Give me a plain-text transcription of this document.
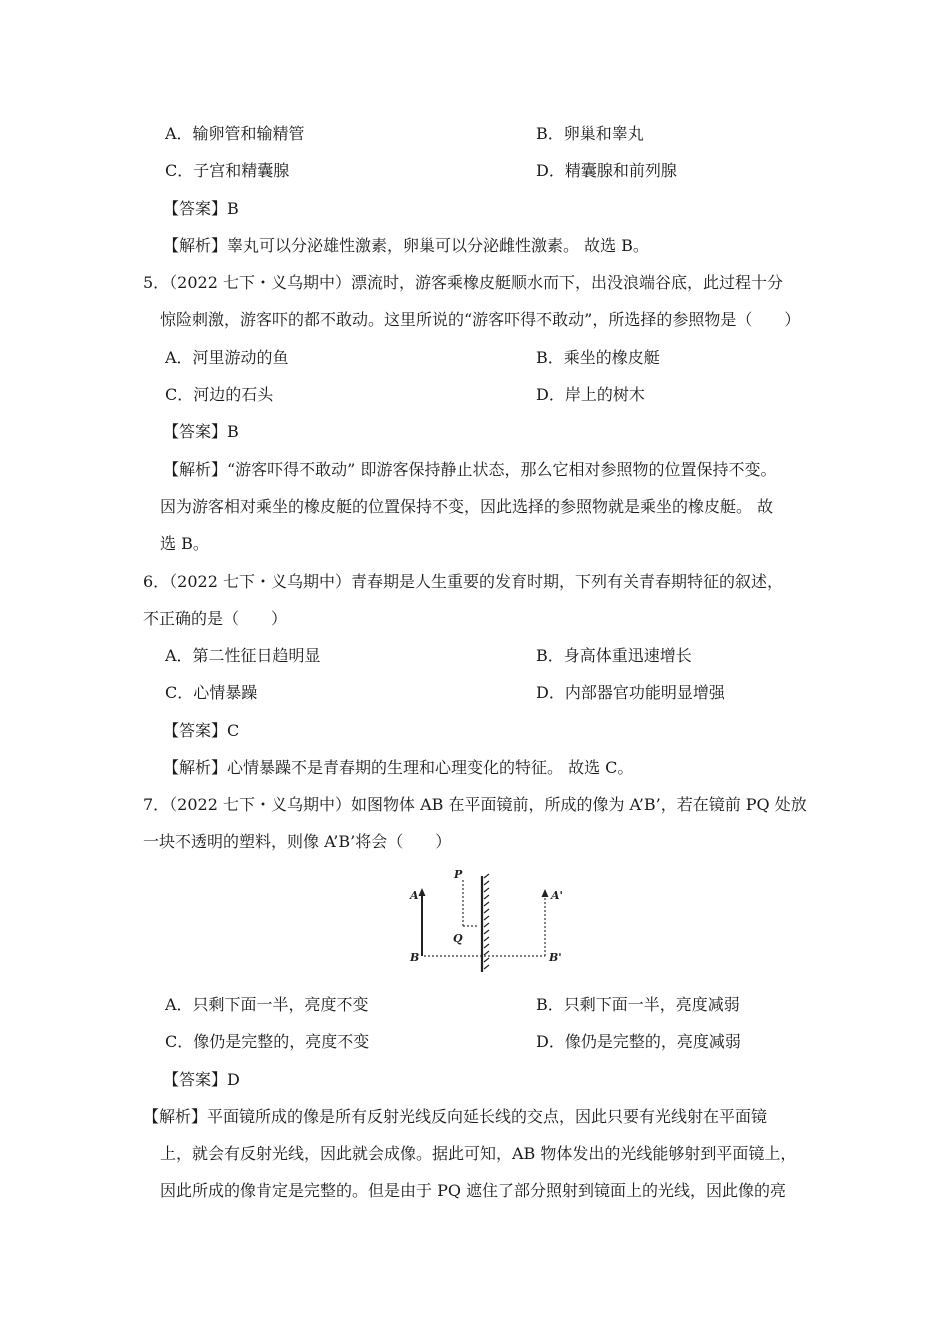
A．输卵管和输精管	B．卵巢和睾丸
C．子宫和精囊腺	D．精囊腺和前列腺
【答案】B
【解析】睾丸可以分泌雄性激素，卵巢可以分泌雌性激素。 故选 B。
5．（2022 七下・义乌期中）漂流时，游客乘橡皮艇顺水而下，出没浪端谷底，此过程十分
惊险刺激，游客吓的都不敢动。这里所说的“游客吓得不敢动”，所选择的参照物是（　　）
A．河里游动的鱼	B．乘坐的橡皮艇
C．河边的石头	D．岸上的树木
【答案】B
【解析】“游客吓得不敢动” 即游客保持静止状态，那么它相对参照物的位置保持不变。
因为游客相对乘坐的橡皮艇的位置保持不变，因此选择的参照物就是乘坐的橡皮艇。 故
选 B。
6．（2022 七下・义乌期中）青春期是人生重要的发育时期，下列有关青春期特征的叙述，
不正确的是（　　）
A．第二性征日趋明显	B．身高体重迅速增长
C．心情暴躁	D．内部器官功能明显增强
【答案】C
【解析】心情暴躁不是青春期的生理和心理变化的特征。 故选 C。
7．（2022 七下・义乌期中）如图物体 AB 在平面镜前，所成的像为 A’B’，若在镜前 PQ 处放
一块不透明的塑料，则像 A’B’将会（　　）
A
B
P
Q
A'
B'
A．只剩下面一半，亮度不变	B．只剩下面一半，亮度减弱
C．像仍是完整的，亮度不变	D．像仍是完整的，亮度减弱
【答案】D
【解析】平面镜所成的像是所有反射光线反向延长线的交点，因此只要有光线射在平面镜
上，就会有反射光线，因此就会成像。据此可知，AB 物体发出的光线能够射到平面镜上，
因此所成的像肯定是完整的。但是由于 PQ 遮住了部分照射到镜面上的光线，因此像的亮
